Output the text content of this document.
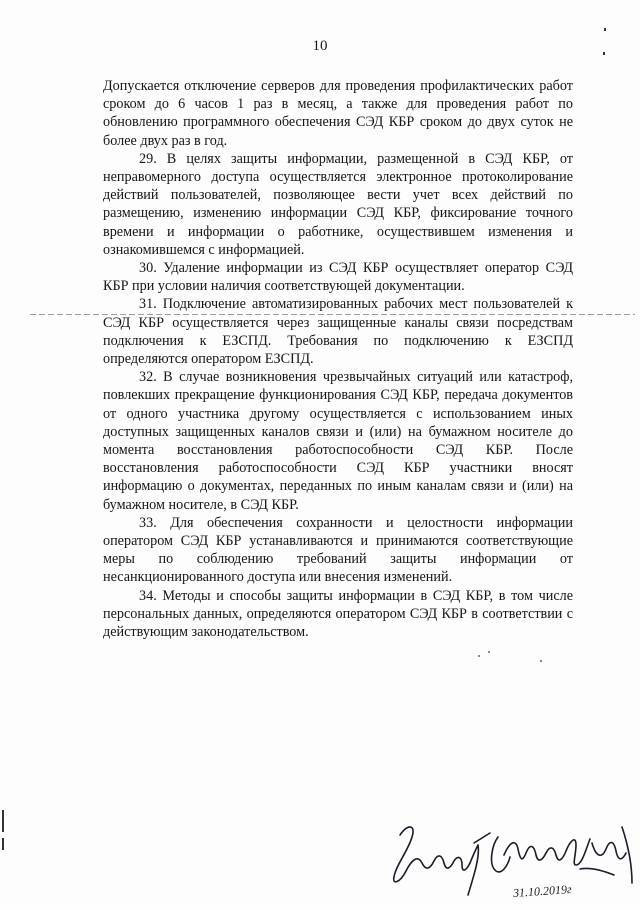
10

Допускается отключение серверов для проведения профилактических работ сроком до 6 часов 1 раз в месяц, а также для проведения работ по обновлению программного обеспечения СЭД КБР сроком до двух суток не более двух раз в год.

29. В целях защиты информации, размещенной в СЭД КБР, от неправомерного доступа осуществляется электронное протоколирование действий пользователей, позволяющее вести учет всех действий по размещению, изменению информации СЭД КБР, фиксирование точного времени и информации о работнике, осуществившем изменения и ознакомившемся с информацией.

30. Удаление информации из СЭД КБР осуществляет оператор СЭД КБР при условии наличия соответствующей документации.

31. Подключение автоматизированных рабочих мест пользователей к СЭД КБР осуществляется через защищенные каналы связи посредствам подключения к ЕЗСПД. Требования по подключению к ЕЗСПД определяются оператором ЕЗСПД.

32. В случае возникновения чрезвычайных ситуаций или катастроф, повлекших прекращение функционирования СЭД КБР, передача документов от одного участника другому осуществляется с использованием иных доступных защищенных каналов связи и (или) на бумажном носителе до момента восстановления работоспособности СЭД КБР. После восстановления работоспособности СЭД КБР участники вносят информацию о документах, переданных по иным каналам связи и (или) на бумажном носителе, в СЭД КБР.

33. Для обеспечения сохранности и целостности информации оператором СЭД КБР устанавливаются и принимаются соответствующие меры по соблюдению требований защиты информации от несанкционированного доступа или внесения изменений.

34. Методы и способы защиты информации в СЭД КБР, в том числе персональных данных, определяются оператором СЭД КБР в соответствии с действующим законодательством.

31.10.2019г
